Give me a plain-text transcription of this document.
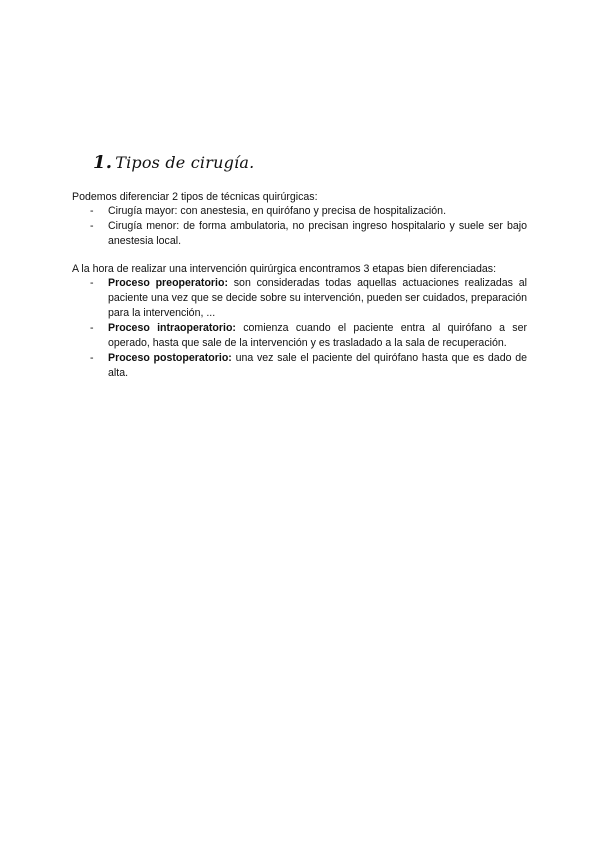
1. Tipos de cirugía.

Podemos diferenciar 2 tipos de técnicas quirúrgicas:

- Cirugía mayor: con anestesia, en quirófano y precisa de hospitalización.
- Cirugía menor: de forma ambulatoria, no precisan ingreso hospitalario y suele ser bajo anestesia local.

A la hora de realizar una intervención quirúrgica encontramos 3 etapas bien diferenciadas:

- Proceso preoperatorio: son consideradas todas aquellas actuaciones realizadas al paciente una vez que se decide sobre su intervención, pueden ser cuidados, preparación para la intervención, ...
- Proceso intraoperatorio: comienza cuando el paciente entra al quirófano a ser operado, hasta que sale de la intervención y es trasladado a la sala de recuperación.
- Proceso postoperatorio: una vez sale el paciente del quirófano hasta que es dado de alta.
